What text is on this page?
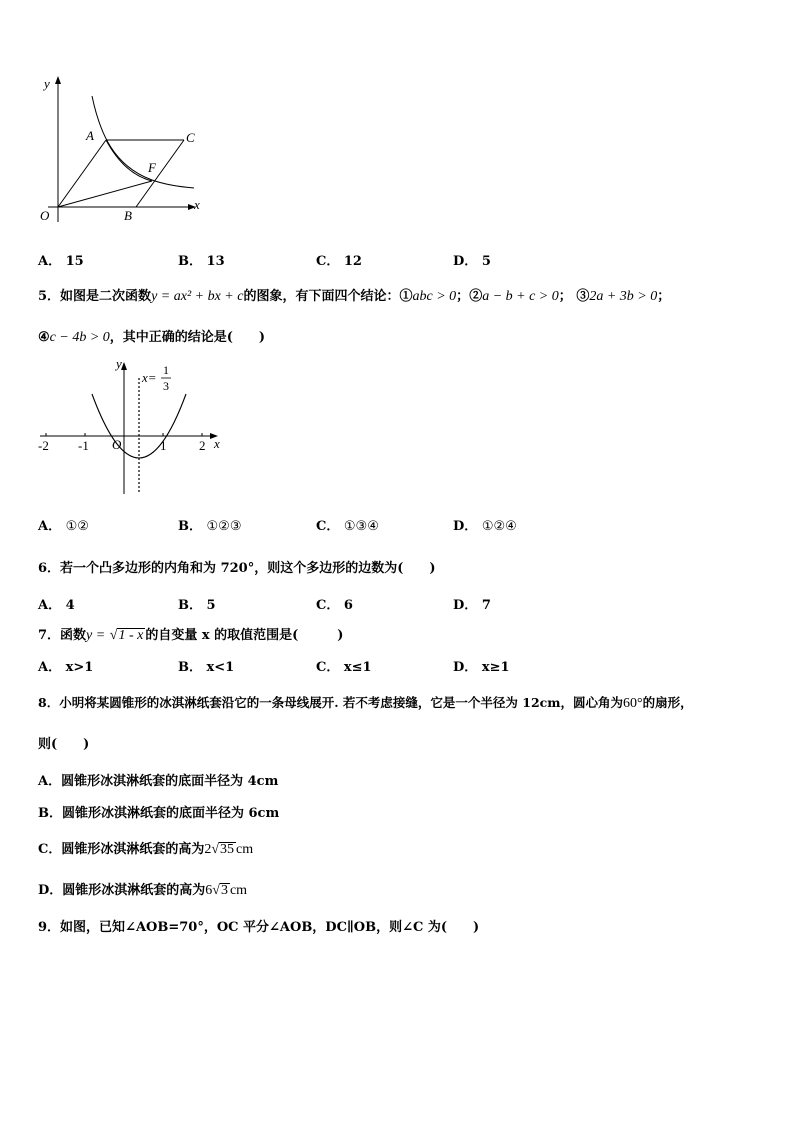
y
x
O
A	C
F
B
A． 15	B． 13	C． 12	D． 5
5．如图是二次函数y = ax² + bx + c的图象，有下面四个结论：①abc > 0；②a − b + c > 0； ③2a + 3b > 0；
④c − 4b > 0，其中正确的结论是(　　)
y
x
O
-2 -1	1	2
x= 1
3
A． ①②	B． ①②③	C． ①③④	D． ①②④
6．若一个凸多边形的内角和为 720°，则这个多边形的边数为(　　)
A． 4	B． 5	C． 6	D． 7
7．函数y = √1 - x 的自变量 x 的取值范围是(　　　)
A． x>1	B． x<1	C． x≤1	D． x≥1
8．小明将某圆锥形的冰淇淋纸套沿它的一条母线展开. 若不考虑接缝，它是一个半径为 12cm，圆心角为60°的扇形，
则(　　)
A．圆锥形冰淇淋纸套的底面半径为 4cm
B．圆锥形冰淇淋纸套的底面半径为 6cm
C．圆锥形冰淇淋纸套的高为2√35 cm
D．圆锥形冰淇淋纸套的高为6√3 cm
9．如图，已知∠AOB=70°，OC 平分∠AOB，DC∥OB，则∠C 为(　　)
